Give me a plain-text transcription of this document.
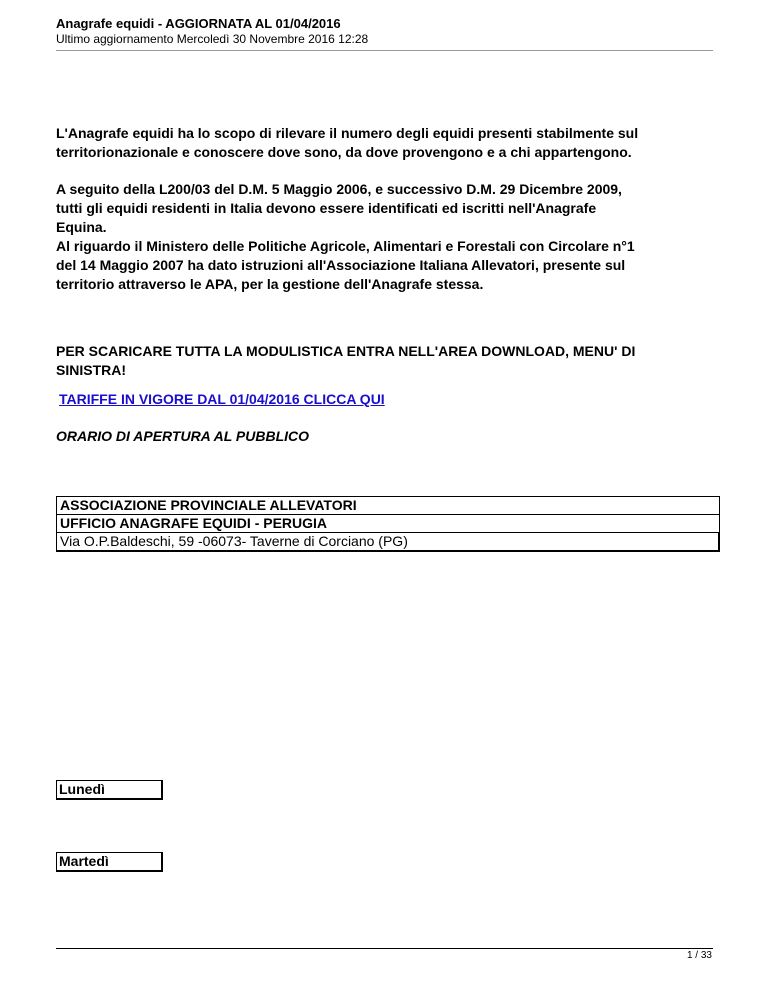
Anagrafe equidi - AGGIORNATA AL 01/04/2016
Ultimo aggiornamento Mercoledì 30 Novembre 2016 12:28

L'Anagrafe equidi ha lo scopo di rilevare il numero degli equidi presenti stabilmente sul
territorionazionale e conoscere dove sono, da dove provengono e a chi appartengono.

A seguito della L200/03 del D.M. 5 Maggio 2006, e successivo D.M. 29 Dicembre 2009,
tutti gli equidi residenti in Italia devono essere identificati ed iscritti nell'Anagrafe
Equina.
Al riguardo il Ministero delle Politiche Agricole, Alimentari e Forestali con Circolare n°1
del 14 Maggio 2007 ha dato istruzioni all'Associazione Italiana Allevatori, presente sul
territorio attraverso le APA, per la gestione dell'Anagrafe stessa.

PER SCARICARE TUTTA LA MODULISTICA ENTRA NELL'AREA DOWNLOAD, MENU' DI
SINISTRA!

TARIFFE IN VIGORE DAL 01/04/2016 CLICCA QUI
ORARIO DI APERTURA AL PUBBLICO
ASSOCIAZIONE PROVINCIALE ALLEVATORI
UFFICIO ANAGRAFE EQUIDI - PERUGIA
Via O.P.Baldeschi, 59 -06073- Taverne di Corciano (PG)
Lunedì
Martedì
1 / 33
